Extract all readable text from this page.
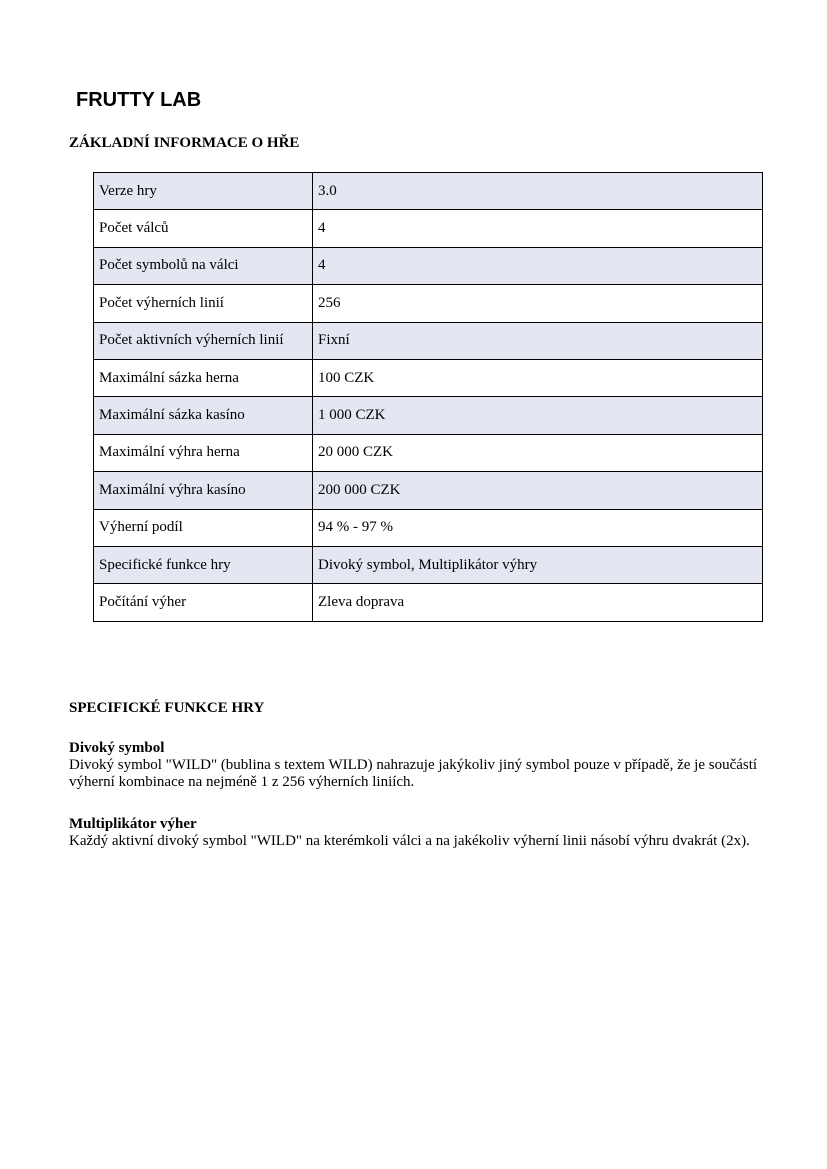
FRUTTY LAB
ZÁKLADNÍ INFORMACE O HŘE
Verze hry	3.0
Počet válců	4
Počet symbolů na válci	4
Počet výherních linií	256
Počet aktivních výherních linií	Fixní
Maximální sázka herna	100 CZK
Maximální sázka kasíno	1 000 CZK
Maximální výhra herna	20 000 CZK
Maximální výhra kasíno	200 000 CZK
Výherní podíl	94 % - 97 %
Specifické funkce hry	Divoký symbol, Multiplikátor výhry
Počítání výher	Zleva doprava
SPECIFICKÉ FUNKCE HRY
Divoký symbol
Divoký symbol "WILD" (bublina s textem WILD) nahrazuje jakýkoliv jiný symbol pouze v případě, že je součástí výherní kombinace na nejméně 1 z 256 výherních liniích.
Multiplikátor výher
Každý aktivní divoký symbol "WILD" na kterémkoli válci a na jakékoliv výherní linii násobí výhru dvakrát (2x).
